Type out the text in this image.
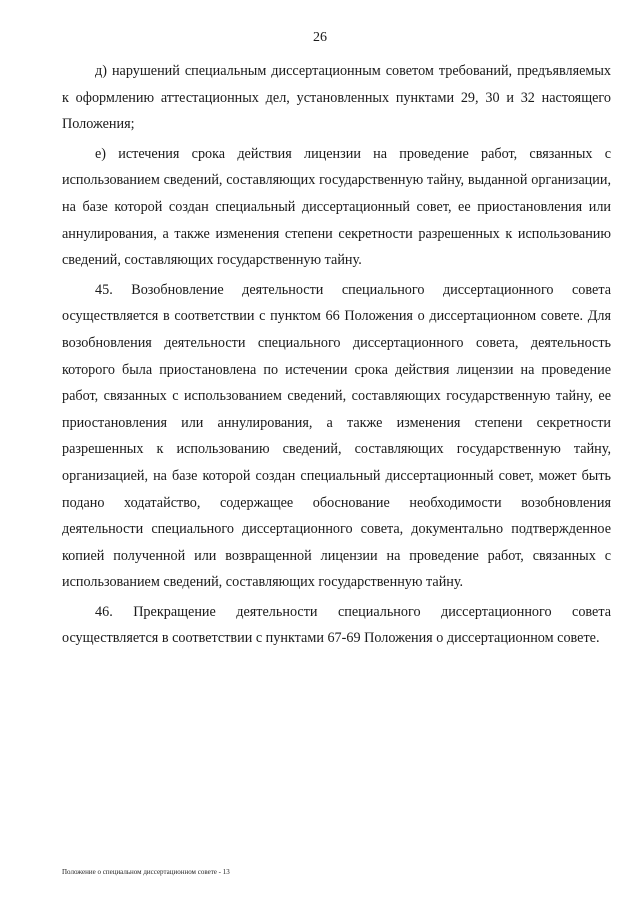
26

д) нарушений специальным диссертационным советом требований, предъявляемых к оформлению аттестационных дел, установленных пунктами 29, 30 и 32 настоящего Положения;

е) истечения срока действия лицензии на проведение работ, связанных с использованием сведений, составляющих государственную тайну, выданной организации, на базе которой создан специальный диссертационный совет, ее приостановления или аннулирования, а также изменения степени секретности разрешенных к использованию сведений, составляющих государственную тайну.

45. Возобновление деятельности специального диссертационного совета осуществляется в соответствии с пунктом 66 Положения о диссертационном совете. Для возобновления деятельности специального диссертационного совета, деятельность которого была приостановлена по истечении срока действия лицензии на проведение работ, связанных с использованием сведений, составляющих государственную тайну, ее приостановления или аннулирования, а также изменения степени секретности разрешенных к использованию сведений, составляющих государственную тайну, организацией, на базе которой создан специальный диссертационный совет, может быть подано ходатайство, содержащее обоснование необходимости возобновления деятельности специального диссертационного совета, документально подтвержденное копией полученной или возвращенной лицензии на проведение работ, связанных с использованием сведений, составляющих государственную тайну.

46. Прекращение деятельности специального диссертационного совета осуществляется в соответствии с пунктами 67-69 Положения о диссертационном совете.

Положение о специальном диссертационном совете - 13
